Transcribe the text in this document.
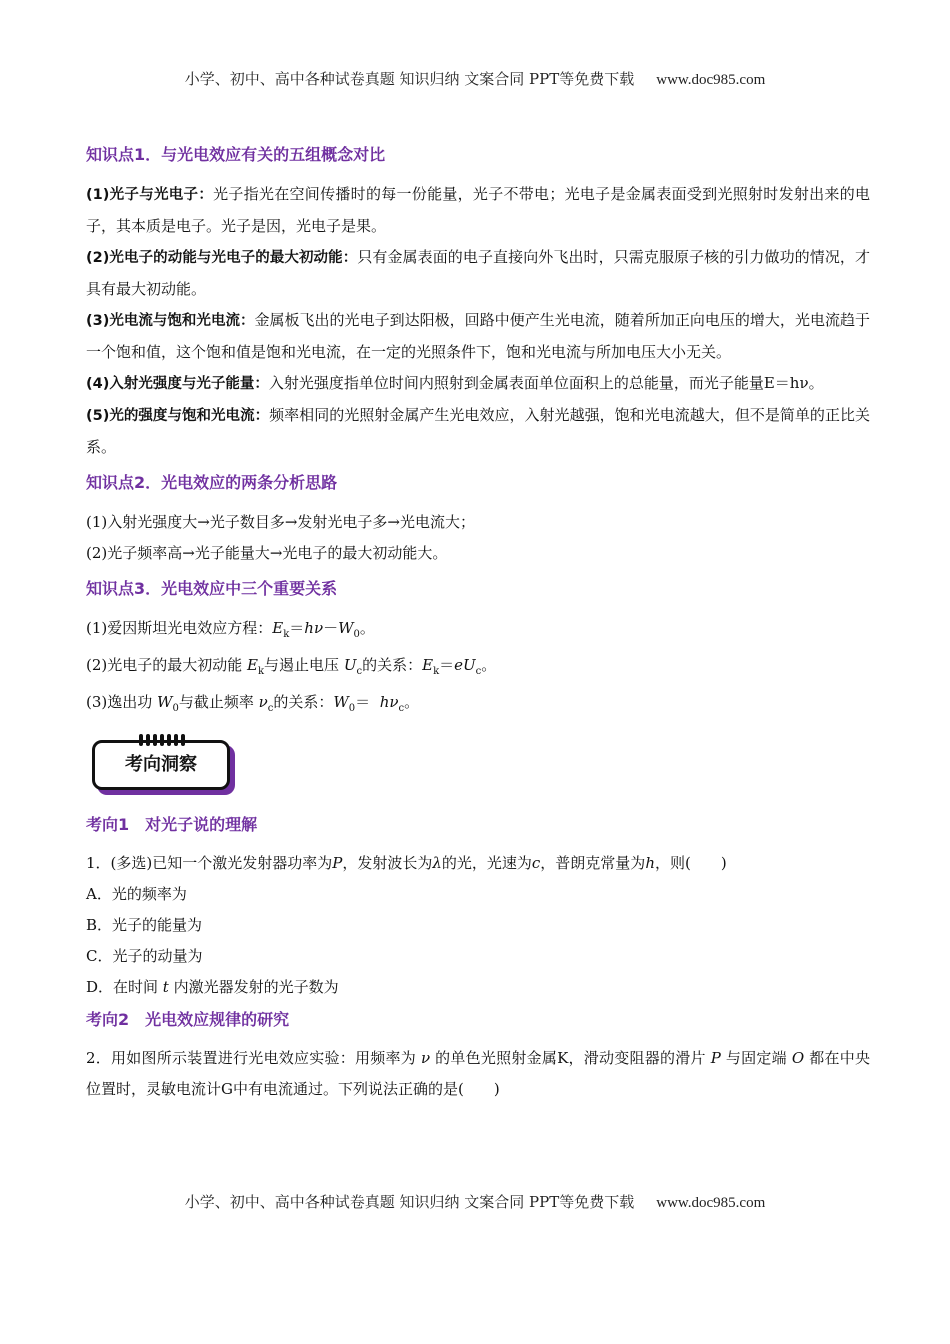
小学、初中、高中各种试卷真题 知识归纳 文案合同 PPT等免费下载 www.doc985.com
知识点1．与光电效应有关的五组概念对比
(1)光子与光电子：光子指光在空间传播时的每一份能量，光子不带电；光电子是金属表面受到光照射时发射出来的电子，其本质是电子。光子是因，光电子是果。
(2)光电子的动能与光电子的最大初动能：只有金属表面的电子直接向外飞出时，只需克服原子核的引力做功的情况，才具有最大初动能。
(3)光电流与饱和光电流：金属板飞出的光电子到达阳极，回路中便产生光电流，随着所加正向电压的增大，光电流趋于一个饱和值，这个饱和值是饱和光电流，在一定的光照条件下，饱和光电流与所加电压大小无关。
(4)入射光强度与光子能量：入射光强度指单位时间内照射到金属表面单位面积上的总能量，而光子能量E＝hν。
(5)光的强度与饱和光电流：频率相同的光照射金属产生光电效应，入射光越强，饱和光电流越大，但不是简单的正比关系。
知识点2．光电效应的两条分析思路
(1)入射光强度大→光子数目多→发射光电子多→光电流大；
(2)光子频率高→光子能量大→光电子的最大初动能大。
知识点3．光电效应中三个重要关系
(1)爱因斯坦光电效应方程：$E_k=h\nu-W_0$。
(2)光电子的最大初动能 $E_k$与遏止电压 $U_c$的关系：$E_k=eU_c$。
(3)逸出功 $W_0$与截止频率 $\nu_c$的关系：$W_0= h\nu_c$。
考向洞察
考向1　对光子说的理解
1．(多选)已知一个激光发射器功率为P，发射波长为λ的光，光速为c，普朗克常量为h，则(　　)
A．光的频率为
B．光子的能量为
C．光子的动量为
D．在时间 t 内激光器发射的光子数为
考向2　光电效应规律的研究
2．用如图所示装置进行光电效应实验：用频率为 ν 的单色光照射金属K，滑动变阻器的滑片 P 与固定端 O 都在中央位置时，灵敏电流计G中有电流通过。下列说法正确的是(　　)
小学、初中、高中各种试卷真题 知识归纳 文案合同 PPT等免费下载 www.doc985.com
